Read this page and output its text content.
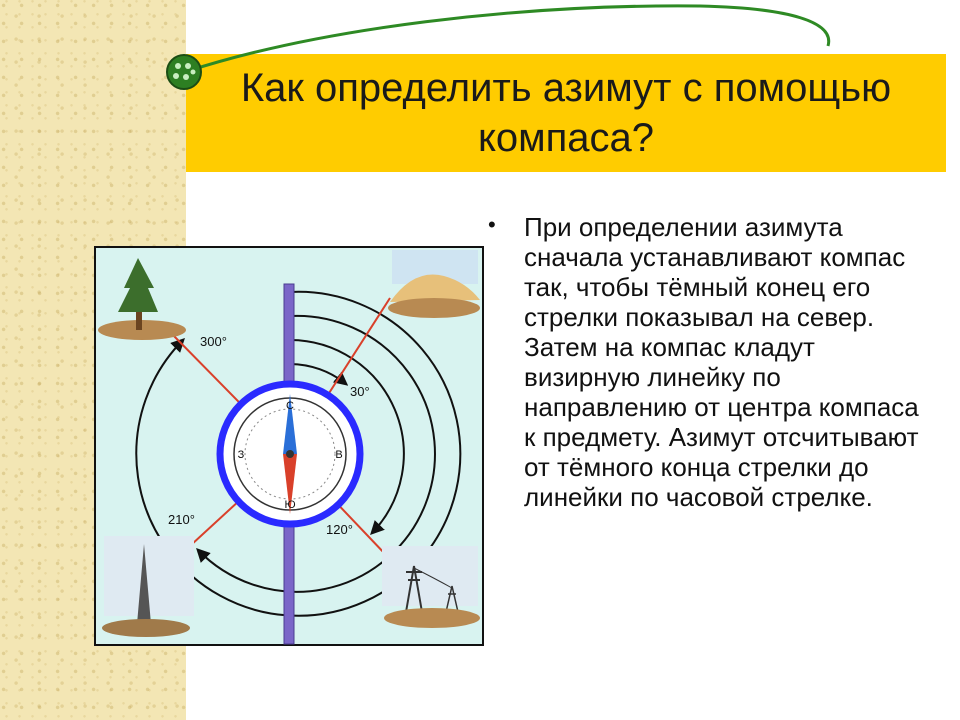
Как определить азимут с помощью компаса?
С
Ю
З	В
300°
30°
210°
120°
• При определении азимута сначала устанавливают компас так, чтобы тёмный конец его стрелки показывал на север. Затем на компас кладут визирную линейку по направлению от центра компаса к предмету. Азимут отсчитывают от тёмного конца стрелки до линейки по часовой стрелке.
